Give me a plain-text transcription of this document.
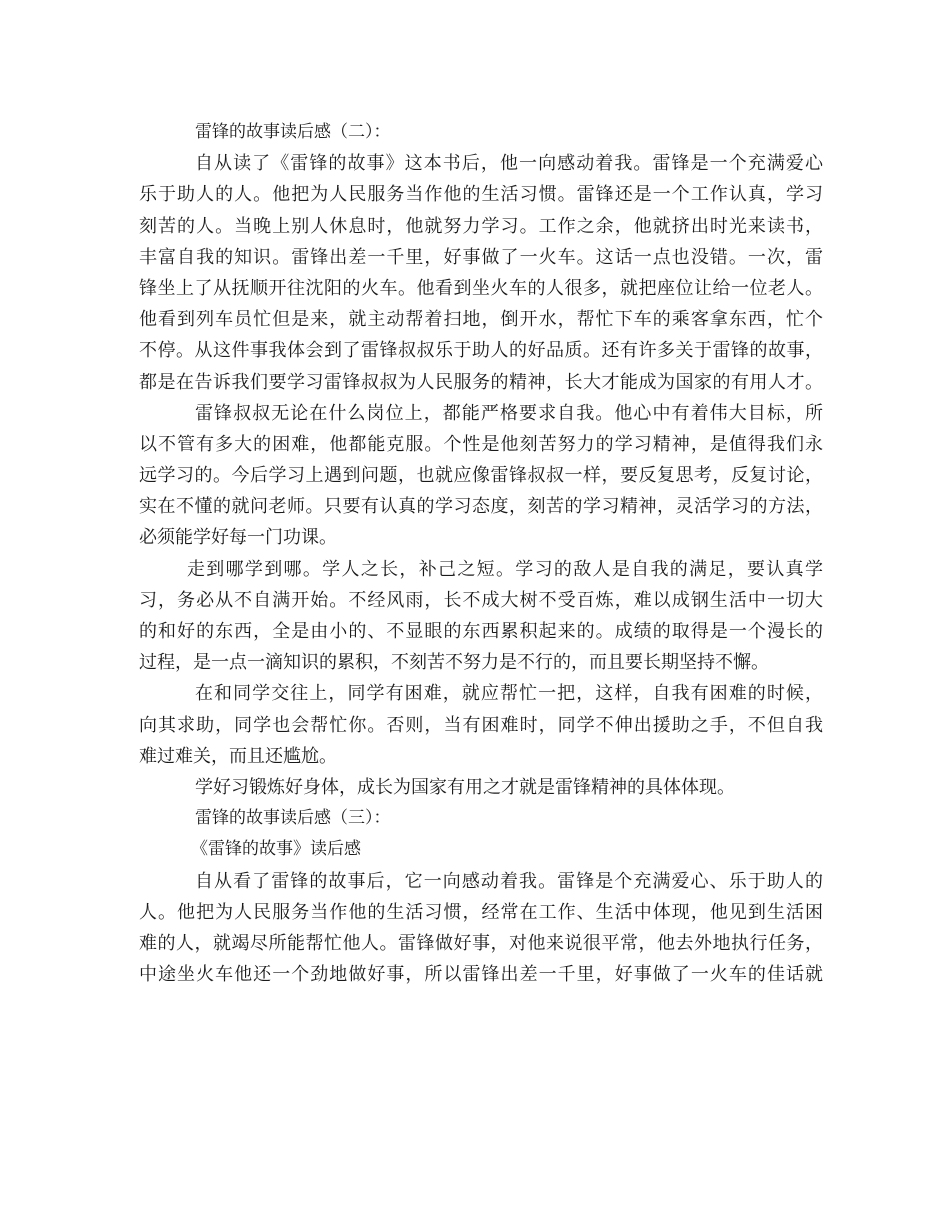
雷锋的故事读后感（二）：
自从读了《雷锋的故事》这本书后，他一向感动着我。雷锋是一个充满爱心
乐于助人的人。他把为人民服务当作他的生活习惯。雷锋还是一个工作认真，学习
刻苦的人。当晚上别人休息时，他就努力学习。工作之余，他就挤出时光来读书，
丰富自我的知识。雷锋出差一千里，好事做了一火车。这话一点也没错。一次，雷
锋坐上了从抚顺开往沈阳的火车。他看到坐火车的人很多，就把座位让给一位老人。
他看到列车员忙但是来，就主动帮着扫地，倒开水，帮忙下车的乘客拿东西，忙个
不停。从这件事我体会到了雷锋叔叔乐于助人的好品质。还有许多关于雷锋的故事，
都是在告诉我们要学习雷锋叔叔为人民服务的精神，长大才能成为国家的有用人才。
雷锋叔叔无论在什么岗位上，都能严格要求自我。他心中有着伟大目标，所
以不管有多大的困难，他都能克服。个性是他刻苦努力的学习精神，是值得我们永
远学习的。今后学习上遇到问题，也就应像雷锋叔叔一样，要反复思考，反复讨论，
实在不懂的就问老师。只要有认真的学习态度，刻苦的学习精神，灵活学习的方法，
必须能学好每一门功课。
走到哪学到哪。学人之长，补己之短。学习的敌人是自我的满足，要认真学
习，务必从不自满开始。不经风雨，长不成大树不受百炼，难以成钢生活中一切大
的和好的东西，全是由小的、不显眼的东西累积起来的。成绩的取得是一个漫长的
过程，是一点一滴知识的累积，不刻苦不努力是不行的，而且要长期坚持不懈。
在和同学交往上，同学有困难，就应帮忙一把，这样，自我有困难的时候，
向其求助，同学也会帮忙你。否则，当有困难时，同学不伸出援助之手，不但自我
难过难关，而且还尴尬。
学好习锻炼好身体，成长为国家有用之才就是雷锋精神的具体体现。
雷锋的故事读后感（三）：
《雷锋的故事》读后感
自从看了雷锋的故事后，它一向感动着我。雷锋是个充满爱心、乐于助人的
人。他把为人民服务当作他的生活习惯，经常在工作、生活中体现，他见到生活困
难的人，就竭尽所能帮忙他人。雷锋做好事，对他来说很平常，他去外地执行任务，
中途坐火车他还一个劲地做好事，所以雷锋出差一千里，好事做了一火车的佳话就
